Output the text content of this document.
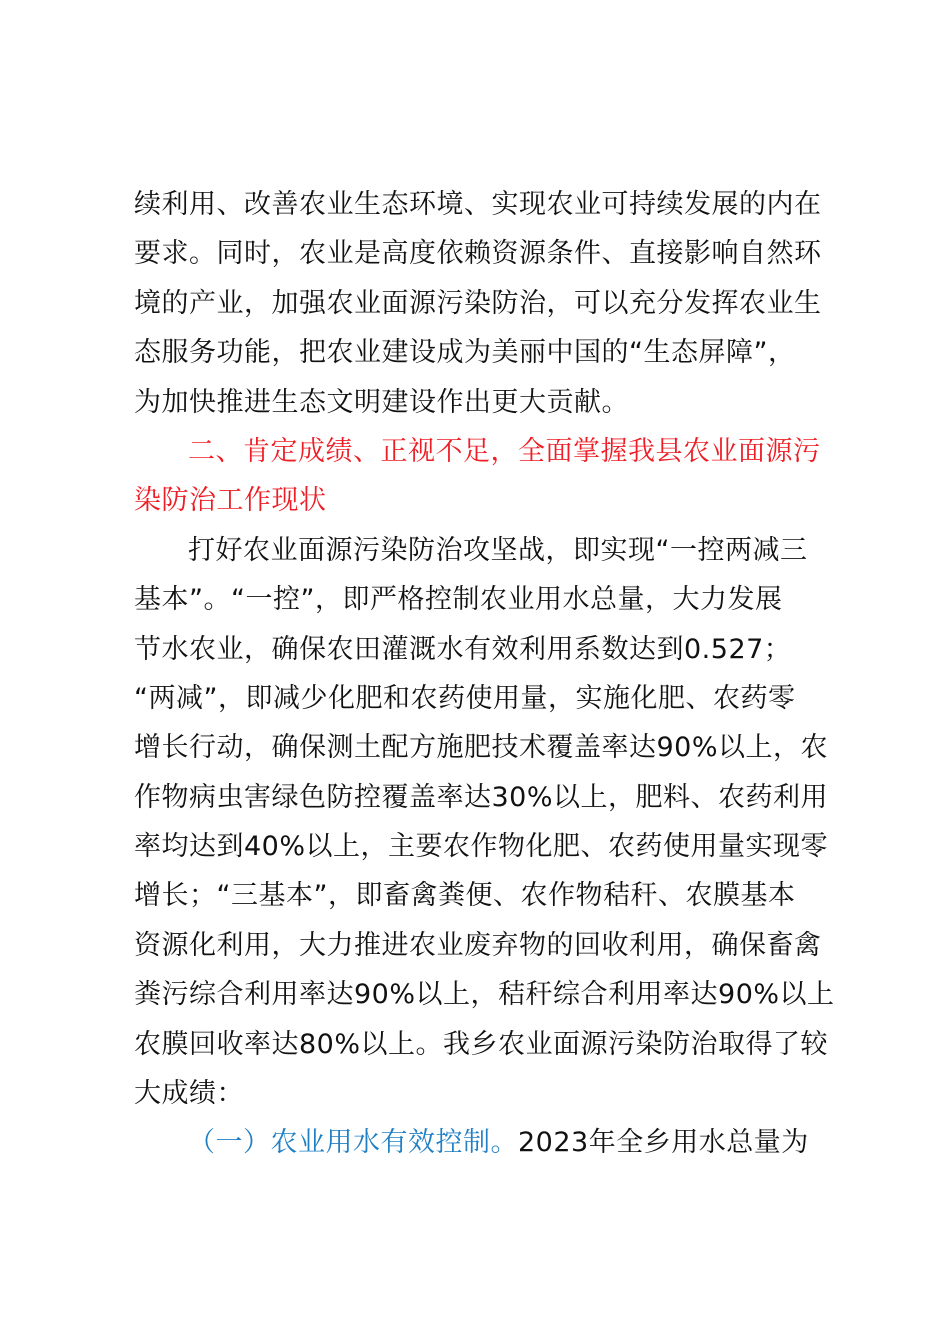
续利用、改善农业生态环境、实现农业可持续发展的内在
要求。同时，农业是高度依赖资源条件、直接影响自然环
境的产业，加强农业面源污染防治，可以充分发挥农业生
态服务功能，把农业建设成为美丽中国的“生态屏障”，
为加快推进生态文明建设作出更大贡献。
二、肯定成绩、正视不足，全面掌握我县农业面源污
染防治工作现状
打好农业面源污染防治攻坚战，即实现“一控两减三
基本”。“一控”，即严格控制农业用水总量，大力发展
节水农业，确保农田灌溉水有效利用系数达到0.527；
“两减”，即减少化肥和农药使用量，实施化肥、农药零
增长行动，确保测土配方施肥技术覆盖率达90%以上，农
作物病虫害绿色防控覆盖率达30%以上，肥料、农药利用
率均达到40%以上，主要农作物化肥、农药使用量实现零
增长；“三基本”，即畜禽粪便、农作物秸秆、农膜基本
资源化利用，大力推进农业废弃物的回收利用，确保畜禽
粪污综合利用率达90%以上，秸秆综合利用率达90%以上
农膜回收率达80%以上。我乡农业面源污染防治取得了较
大成绩：
（一）农业用水有效控制。2023年全乡用水总量为
